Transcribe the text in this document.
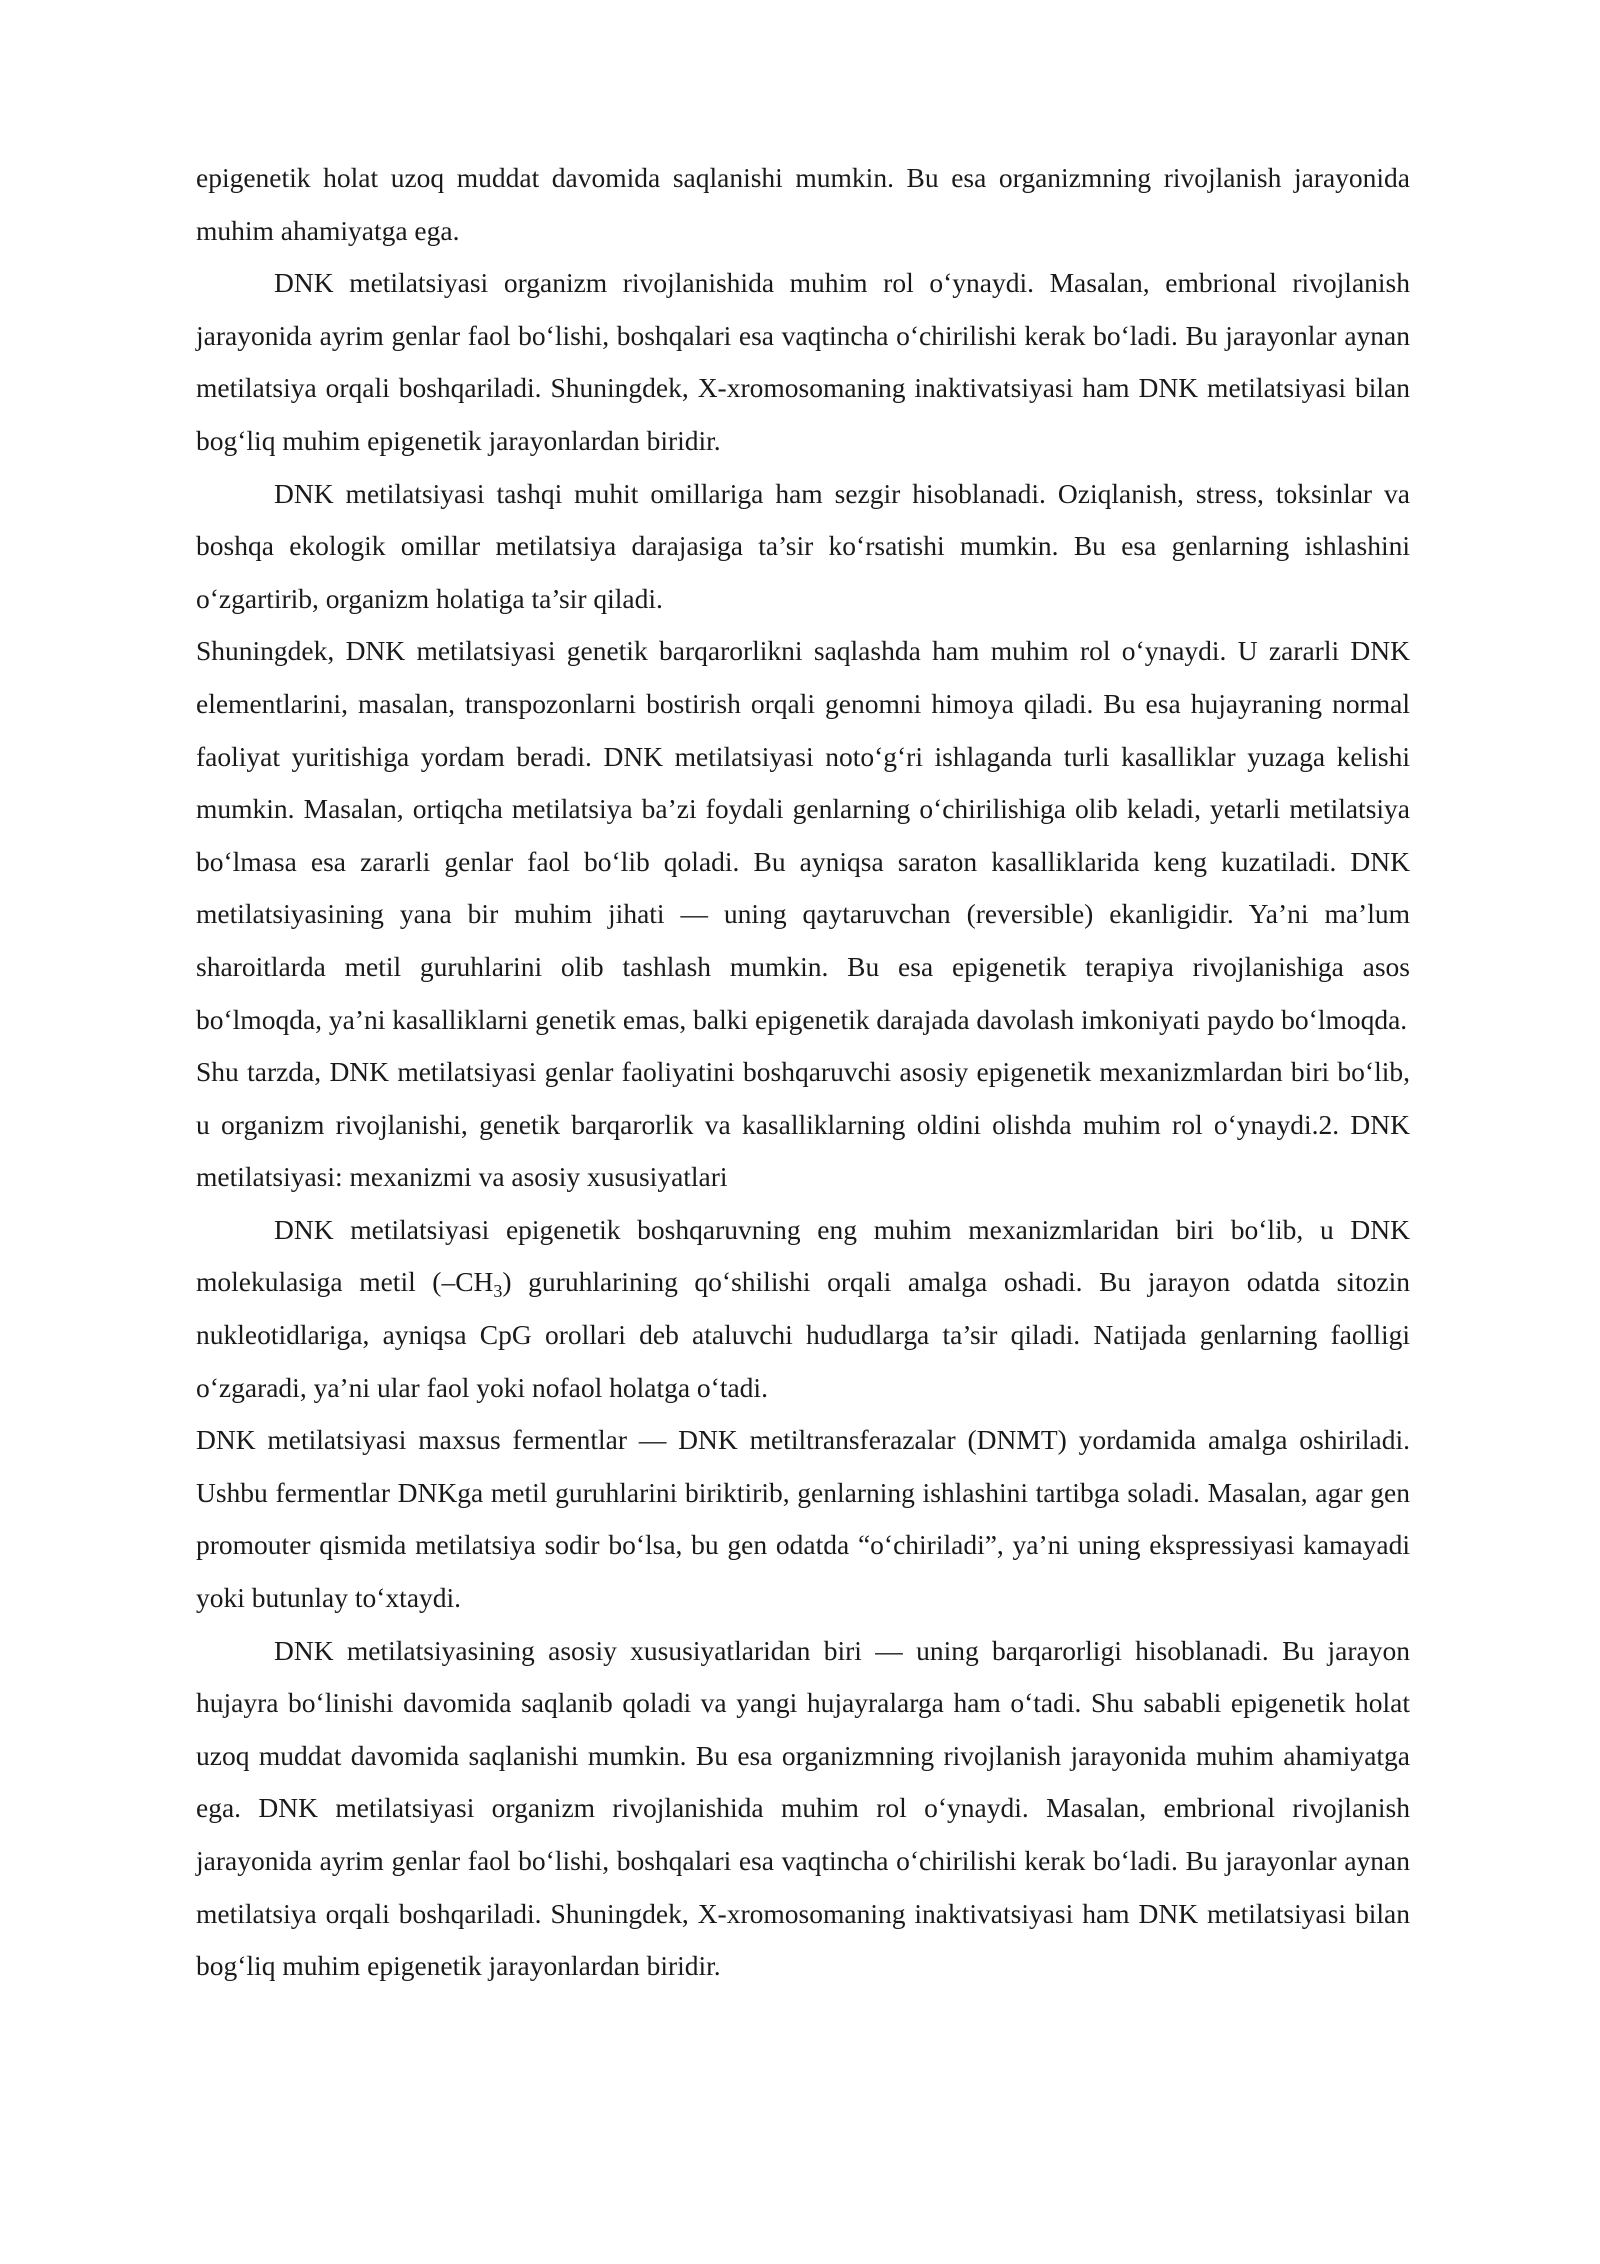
epigenetik holat uzoq muddat davomida saqlanishi mumkin. Bu esa organizmning rivojlanish jarayonida muhim ahamiyatga ega.

DNK metilatsiyasi organizm rivojlanishida muhim rol o‘ynaydi. Masalan, embrional rivojlanish jarayonida ayrim genlar faol bo‘lishi, boshqalari esa vaqtincha o‘chirilishi kerak bo‘ladi. Bu jarayonlar aynan metilatsiya orqali boshqariladi. Shuningdek, X-xromosomaning inaktivatsiyasi ham DNK metilatsiyasi bilan bog‘liq muhim epigenetik jarayonlardan biridir.

DNK metilatsiyasi tashqi muhit omillariga ham sezgir hisoblanadi. Oziqlanish, stress, toksinlar va boshqa ekologik omillar metilatsiya darajasiga ta’sir ko‘rsatishi mumkin. Bu esa genlarning ishlashini o‘zgartirib, organizm holatiga ta’sir qiladi.

Shuningdek, DNK metilatsiyasi genetik barqarorlikni saqlashda ham muhim rol o‘ynaydi. U zararli DNK elementlarini, masalan, transpozonlarni bostirish orqali genomni himoya qiladi. Bu esa hujayraning normal faoliyat yuritishiga yordam beradi. DNK metilatsiyasi noto‘g‘ri ishlaganda turli kasalliklar yuzaga kelishi mumkin. Masalan, ortiqcha metilatsiya ba’zi foydali genlarning o‘chirilishiga olib keladi, yetarli metilatsiya bo‘lmasa esa zararli genlar faol bo‘lib qoladi. Bu ayniqsa saraton kasalliklarida keng kuzatiladi. DNK metilatsiyasining yana bir muhim jihati — uning qaytaruvchan (reversible) ekanligidir. Ya’ni ma’lum sharoitlarda metil guruhlarini olib tashlash mumkin. Bu esa epigenetik terapiya rivojlanishiga asos bo‘lmoqda, ya’ni kasalliklarni genetik emas, balki epigenetik darajada davolash imkoniyati paydo bo‘lmoqda.

Shu tarzda, DNK metilatsiyasi genlar faoliyatini boshqaruvchi asosiy epigenetik mexanizmlardan biri bo‘lib, u organizm rivojlanishi, genetik barqarorlik va kasalliklarning oldini olishda muhim rol o‘ynaydi.2. DNK metilatsiyasi: mexanizmi va asosiy xususiyatlari

DNK metilatsiyasi epigenetik boshqaruvning eng muhim mexanizmlaridan biri bo‘lib, u DNK molekulasiga metil $(-CH_3)$ guruhlarining qo‘shilishi orqali amalga oshadi. Bu jarayon odatda sitozin nukleotidlariga, ayniqsa CpG orollari deb ataluvchi hududlarga ta’sir qiladi. Natijada genlarning faolligi o‘zgaradi, ya’ni ular faol yoki nofaol holatga o‘tadi.

DNK metilatsiyasi maxsus fermentlar — DNK metiltransferazalar (DNMT) yordamida amalga oshiriladi. Ushbu fermentlar DNKga metil guruhlarini biriktirib, genlarning ishlashini tartibga soladi. Masalan, agar gen promouter qismida metilatsiya sodir bo‘lsa, bu gen odatda “o‘chiriladi”, ya’ni uning ekspressiyasi kamayadi yoki butunlay to‘xtaydi.

DNK metilatsiyasining asosiy xususiyatlaridan biri — uning barqarorligi hisoblanadi. Bu jarayon hujayra bo‘linishi davomida saqlanib qoladi va yangi hujayralarga ham o‘tadi. Shu sababli epigenetik holat uzoq muddat davomida saqlanishi mumkin. Bu esa organizmning rivojlanish jarayonida muhim ahamiyatga ega. DNK metilatsiyasi organizm rivojlanishida muhim rol o‘ynaydi. Masalan, embrional rivojlanish jarayonida ayrim genlar faol bo‘lishi, boshqalari esa vaqtincha o‘chirilishi kerak bo‘ladi. Bu jarayonlar aynan metilatsiya orqali boshqariladi. Shuningdek, X-xromosomaning inaktivatsiyasi ham DNK metilatsiyasi bilan bog‘liq muhim epigenetik jarayonlardan biridir.
